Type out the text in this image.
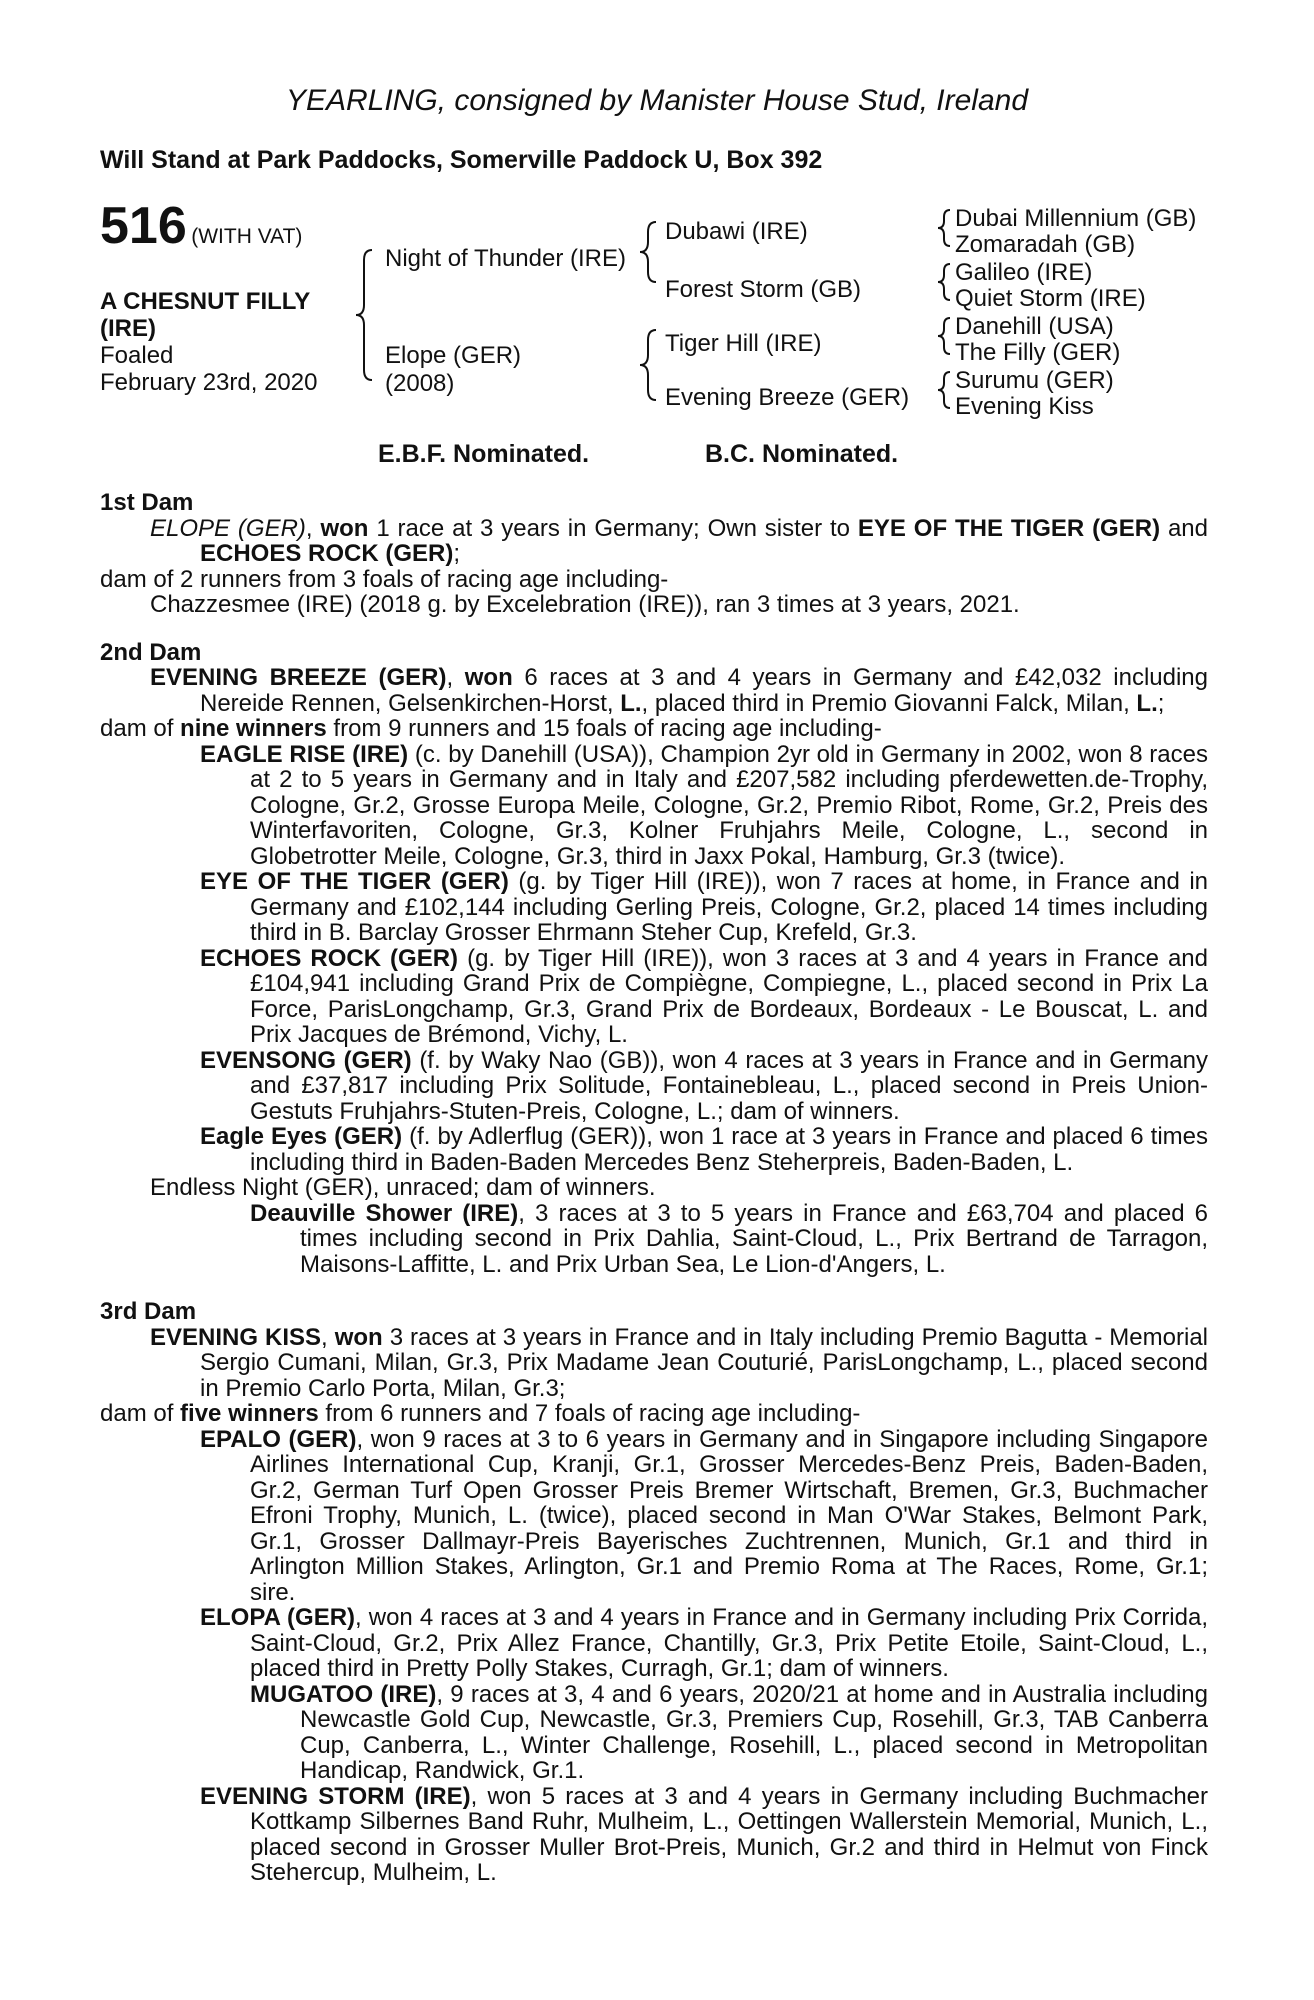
YEARLING, consigned by Manister House Stud, Ireland
Will Stand at Park Paddocks, Somerville Paddock U, Box 392
516 (WITH VAT)
A CHESNUT FILLY
(IRE)
Foaled
February 23rd, 2020
Night of Thunder (IRE)
Elope (GER)
(2008)
Dubawi (IRE)
Forest Storm (GB)
Tiger Hill (IRE)
Evening Breeze (GER)
Dubai Millennium (GB)
Zomaradah (GB)
Galileo (IRE)
Quiet Storm (IRE)
Danehill (USA)
The Filly (GER)
Surumu (GER)
Evening Kiss
E.B.F. Nominated.	B.C. Nominated.
1st Dam
ELOPE (GER), won 1 race at 3 years in Germany; Own sister to EYE OF THE TIGER (GER) and ECHOES ROCK (GER);
dam of 2 runners from 3 foals of racing age including-
Chazzesmee (IRE) (2018 g. by Excelebration (IRE)), ran 3 times at 3 years, 2021.
2nd Dam
EVENING BREEZE (GER), won 6 races at 3 and 4 years in Germany and £42,032 including Nereide Rennen, Gelsenkirchen-Horst, L., placed third in Premio Giovanni Falck, Milan, L.;
dam of nine winners from 9 runners and 15 foals of racing age including-
EAGLE RISE (IRE) (c. by Danehill (USA)), Champion 2yr old in Germany in 2002, won 8 races at 2 to 5 years in Germany and in Italy and £207,582 including pferdewetten.de-Trophy, Cologne, Gr.2, Grosse Europa Meile, Cologne, Gr.2, Premio Ribot, Rome, Gr.2, Preis des Winterfavoriten, Cologne, Gr.3, Kolner Fruhjahrs Meile, Cologne, L., second in Globetrotter Meile, Cologne, Gr.3, third in Jaxx Pokal, Hamburg, Gr.3 (twice).
EYE OF THE TIGER (GER) (g. by Tiger Hill (IRE)), won 7 races at home, in France and in Germany and £102,144 including Gerling Preis, Cologne, Gr.2, placed 14 times including third in B. Barclay Grosser Ehrmann Steher Cup, Krefeld, Gr.3.
ECHOES ROCK (GER) (g. by Tiger Hill (IRE)), won 3 races at 3 and 4 years in France and £104,941 including Grand Prix de Compiègne, Compiegne, L., placed second in Prix La Force, ParisLongchamp, Gr.3, Grand Prix de Bordeaux, Bordeaux - Le Bouscat, L. and Prix Jacques de Brémond, Vichy, L.
EVENSONG (GER) (f. by Waky Nao (GB)), won 4 races at 3 years in France and in Germany and £37,817 including Prix Solitude, Fontainebleau, L., placed second in Preis Union-Gestuts Fruhjahrs-Stuten-Preis, Cologne, L.; dam of winners.
Eagle Eyes (GER) (f. by Adlerflug (GER)), won 1 race at 3 years in France and placed 6 times including third in Baden-Baden Mercedes Benz Steherpreis, Baden-Baden, L.
Endless Night (GER), unraced; dam of winners.
Deauville Shower (IRE), 3 races at 3 to 5 years in France and £63,704 and placed 6 times including second in Prix Dahlia, Saint-Cloud, L., Prix Bertrand de Tarragon, Maisons-Laffitte, L. and Prix Urban Sea, Le Lion-d'Angers, L.
3rd Dam
EVENING KISS, won 3 races at 3 years in France and in Italy including Premio Bagutta - Memorial Sergio Cumani, Milan, Gr.3, Prix Madame Jean Couturié, ParisLongchamp, L., placed second in Premio Carlo Porta, Milan, Gr.3;
dam of five winners from 6 runners and 7 foals of racing age including-
EPALO (GER), won 9 races at 3 to 6 years in Germany and in Singapore including Singapore Airlines International Cup, Kranji, Gr.1, Grosser Mercedes-Benz Preis, Baden-Baden, Gr.2, German Turf Open Grosser Preis Bremer Wirtschaft, Bremen, Gr.3, Buchmacher Efroni Trophy, Munich, L. (twice), placed second in Man O'War Stakes, Belmont Park, Gr.1, Grosser Dallmayr-Preis Bayerisches Zuchtrennen, Munich, Gr.1 and third in Arlington Million Stakes, Arlington, Gr.1 and Premio Roma at The Races, Rome, Gr.1; sire.
ELOPA (GER), won 4 races at 3 and 4 years in France and in Germany including Prix Corrida, Saint-Cloud, Gr.2, Prix Allez France, Chantilly, Gr.3, Prix Petite Etoile, Saint-Cloud, L., placed third in Pretty Polly Stakes, Curragh, Gr.1; dam of winners.
MUGATOO (IRE), 9 races at 3, 4 and 6 years, 2020/21 at home and in Australia including Newcastle Gold Cup, Newcastle, Gr.3, Premiers Cup, Rosehill, Gr.3, TAB Canberra Cup, Canberra, L., Winter Challenge, Rosehill, L., placed second in Metropolitan Handicap, Randwick, Gr.1.
EVENING STORM (IRE), won 5 races at 3 and 4 years in Germany including Buchmacher Kottkamp Silbernes Band Ruhr, Mulheim, L., Oettingen Wallerstein Memorial, Munich, L., placed second in Grosser Muller Brot-Preis, Munich, Gr.2 and third in Helmut von Finck Stehercup, Mulheim, L.
